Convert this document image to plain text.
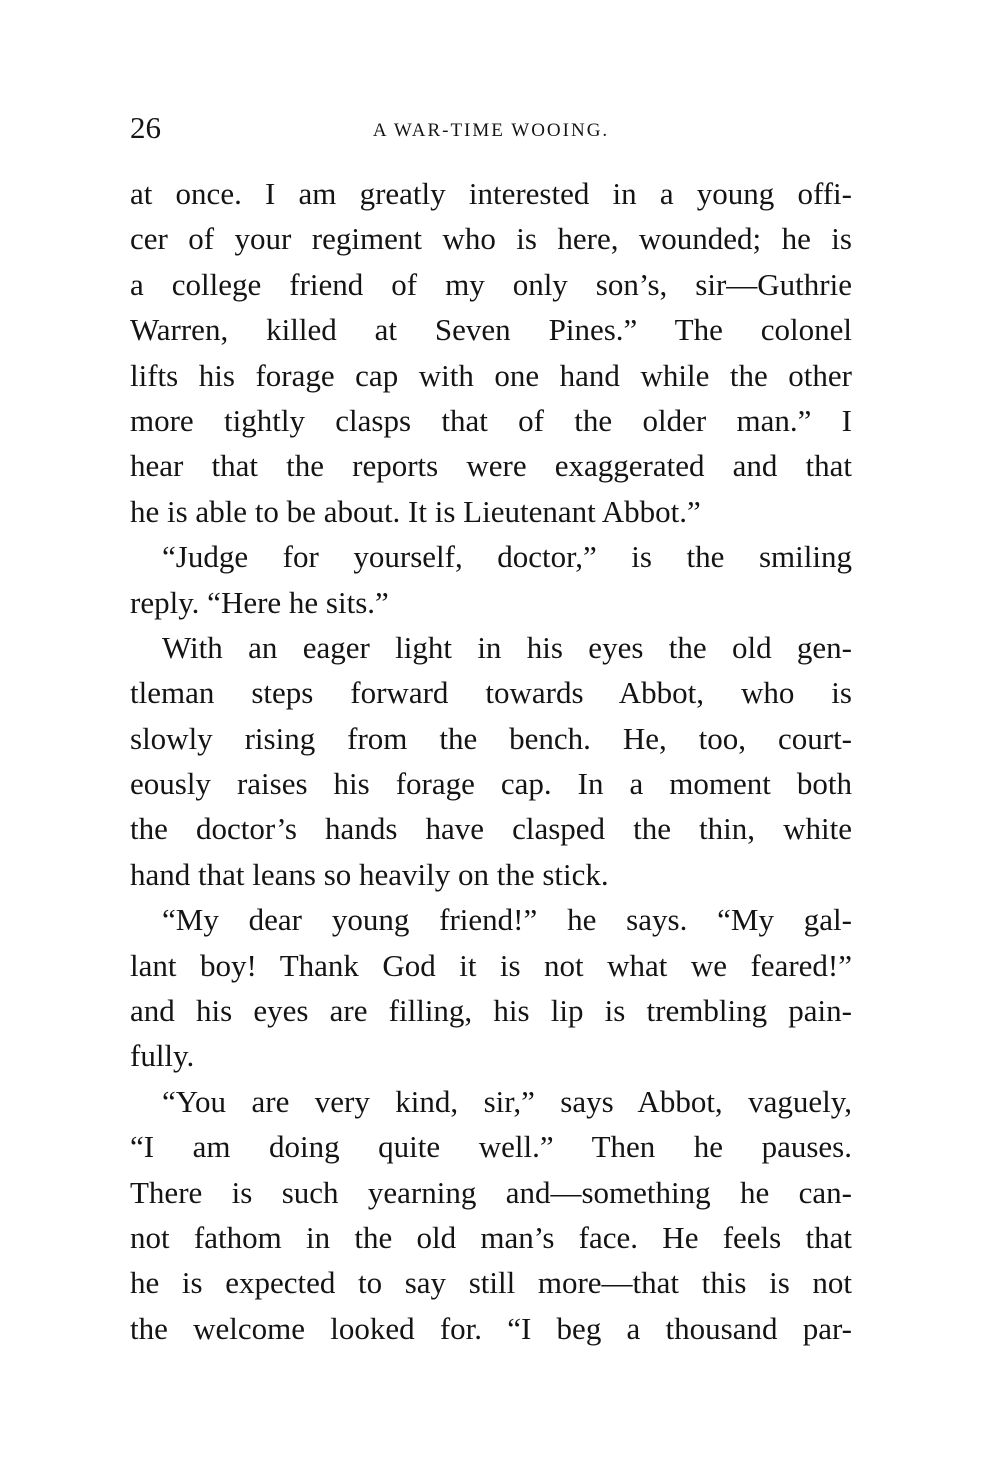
26	A WAR-TIME WOOING.
at once. I am greatly interested in a young offi-
cer of your regiment who is here, wounded; he is
a college friend of my only son’s, sir—Guthrie
Warren, killed at Seven Pines.” The colonel
lifts his forage cap with one hand while the other
more tightly clasps that of the older man.” I
hear that the reports were exaggerated and that
he is able to be about. It is Lieutenant Abbot.”
“Judge for yourself, doctor,” is the smiling
reply. “Here he sits.”
With an eager light in his eyes the old gen-
tleman steps forward towards Abbot, who is
slowly rising from the bench. He, too, court-
eously raises his forage cap. In a moment both
the doctor’s hands have clasped the thin, white
hand that leans so heavily on the stick.
“My dear young friend!” he says. “My gal-
lant boy! Thank God it is not what we feared!”
and his eyes are filling, his lip is trembling pain-
fully.
“You are very kind, sir,” says Abbot, vaguely,
“I am doing quite well.” Then he pauses.
There is such yearning and—something he can-
not fathom in the old man’s face. He feels that
he is expected to say still more—that this is not
the welcome looked for. “I beg a thousand par-
